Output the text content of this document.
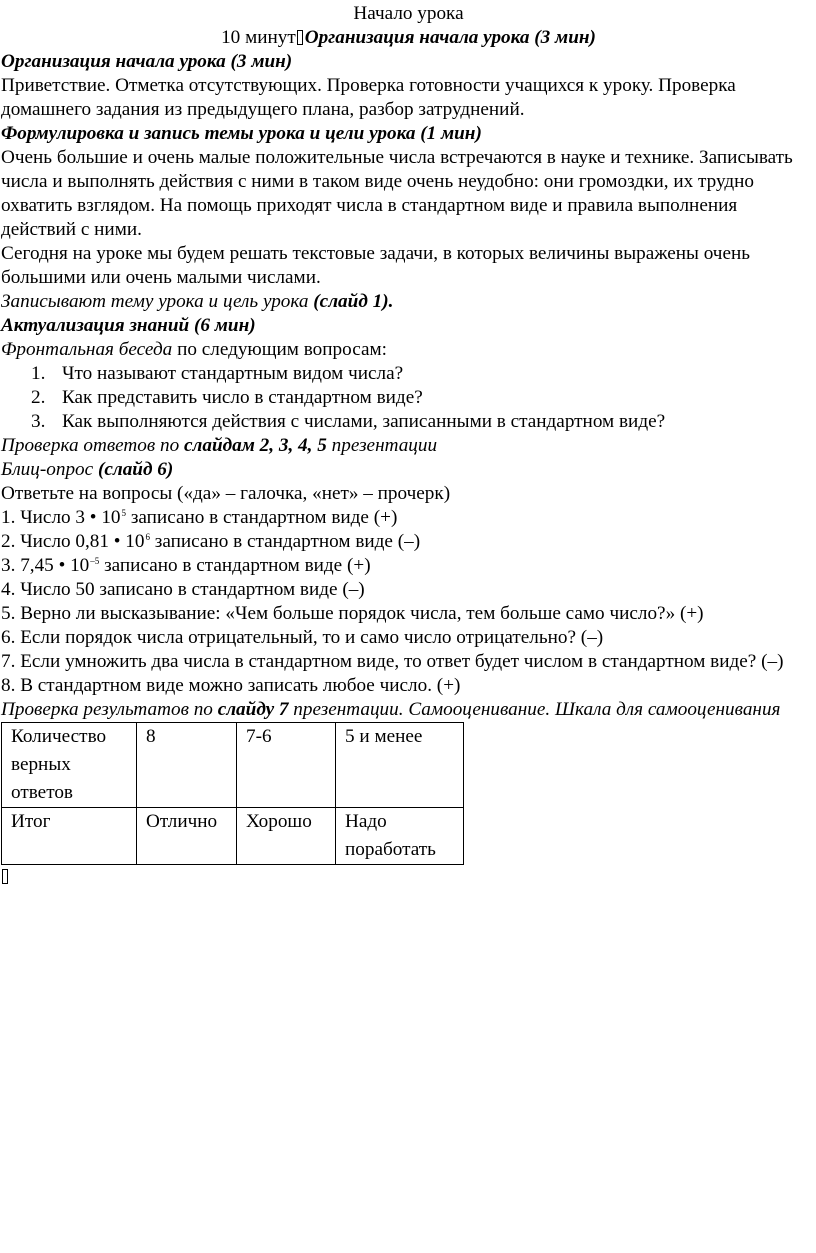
Начало урока

10 минут Организация начала урока (3 мин)

Организация начала урока (3 мин)

Приветствие. Отметка отсутствующих. Проверка готовности учащихся к уроку. Проверка домашнего задания из предыдущего плана, разбор затруднений.

Формулировка и запись темы урока и цели урока (1 мин)

Очень большие и очень малые положительные числа встречаются в науке и технике. Записывать числа и выполнять действия с ними в таком виде очень неудобно: они громоздки, их трудно охватить взглядом. На помощь приходят числа в стандартном виде и правила выполнения действий с ними.

Сегодня на уроке мы будем решать текстовые задачи, в которых величины выражены очень большими или очень малыми числами.

Записывают тему урока и цель урока (слайд 1).

Актуализация знаний (6 мин)

Фронтальная беседа по следующим вопросам:

1. Что называют стандартным видом числа?
2. Как представить число в стандартном виде?
3. Как выполняются действия с числами, записанными в стандартном виде?

Проверка ответов по слайдам 2, 3, 4, 5 презентации

Блиц-опрос (слайд 6)

Ответьте на вопросы («да» – галочка, «нет» – прочерк)

1. Число 3 • $10^5$ записано в стандартном виде (+)

2. Число 0,81 • $10^6$ записано в стандартном виде (–)

3. 7,45 • $10^{-5}$ записано в стандартном виде (+)

4. Число 50 записано в стандартном виде (–)

5. Верно ли высказывание: «Чем больше порядок числа, тем больше само число?» (+)

6. Если порядок числа отрицательный, то и само число отрицательно? (–)

7. Если умножить два числа в стандартном виде, то ответ будет числом в стандартном виде? (–)

8. В стандартном виде можно записать любое число. (+)

Проверка результатов по слайду 7 презентации. Самооценивание. Шкала для самооценивания

Количество верных ответов	8	7-6	5 и менее
Итог	Отлично	Хорошо	Надо поработать
